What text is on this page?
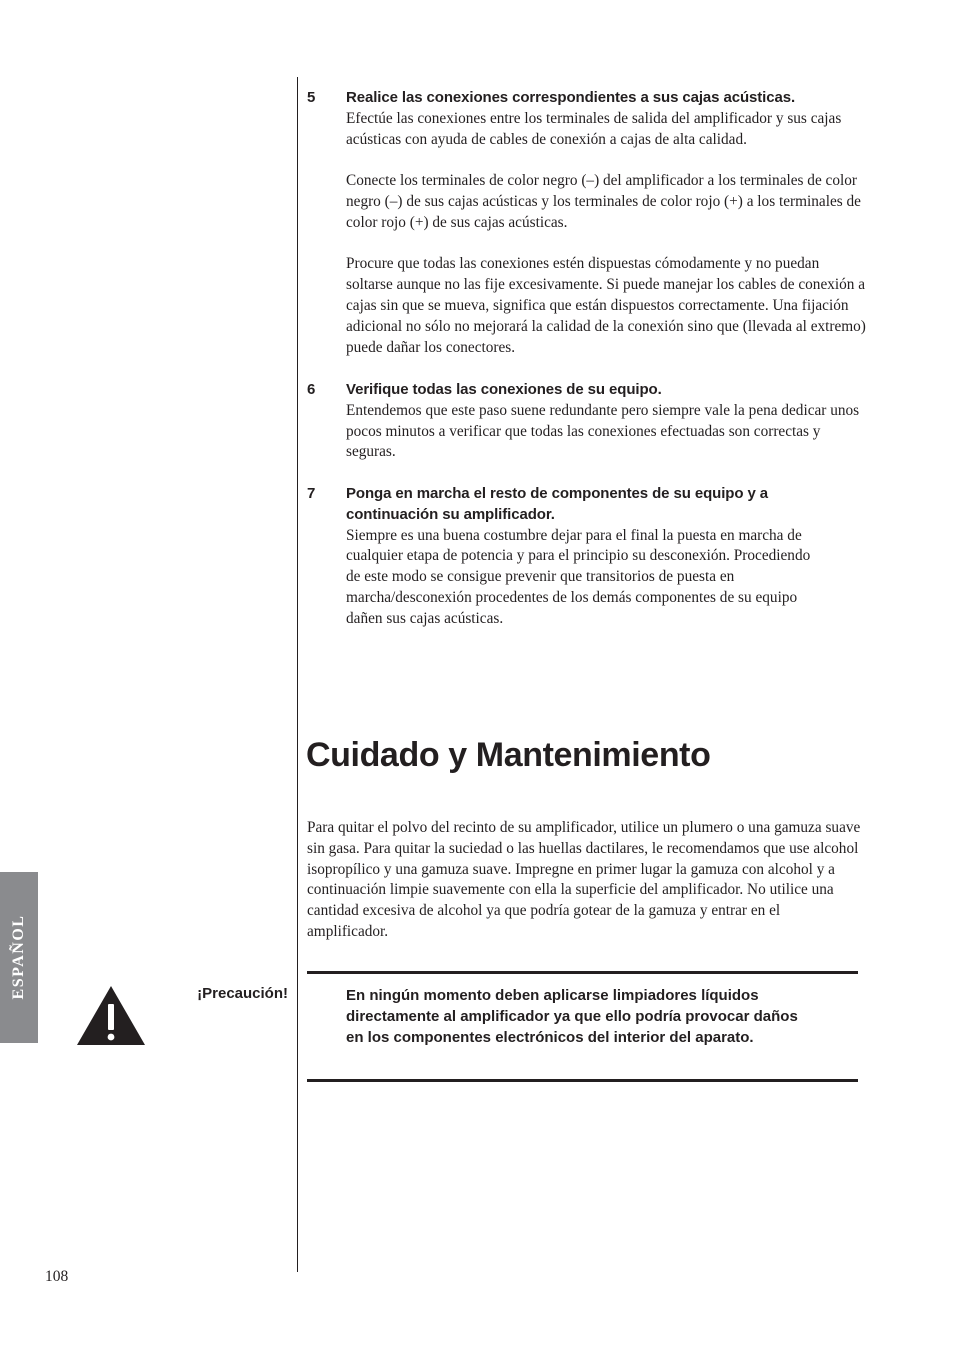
5 Realice las conexiones correspondientes a sus cajas acústicas.

Efectúe las conexiones entre los terminales de salida del amplificador y sus cajas acústicas con ayuda de cables de conexión a cajas de alta calidad.

Conecte los terminales de color negro (–) del amplificador a los terminales de color negro (–) de sus cajas acústicas y los terminales de color rojo (+) a los terminales de color rojo (+) de sus cajas acústicas.

Procure que todas las conexiones estén dispuestas cómodamente y no puedan soltarse aunque no las fije excesivamente. Si puede manejar los cables de conexión a cajas sin que se mueva, significa que están dispuestos correctamente. Una fijación adicional no sólo no mejorará la calidad de la conexión sino que (llevada al extremo) puede dañar los conectores.

6 Verifique todas las conexiones de su equipo.

Entendemos que este paso suene redundante pero siempre vale la pena dedicar unos pocos minutos a verificar que todas las conexiones efectuadas son correctas y seguras.

7 Ponga en marcha el resto de componentes de su equipo y a continuación su amplificador.

Siempre es una buena costumbre dejar para el final la puesta en marcha de cualquier etapa de potencia y para el principio su desconexión. Procediendo de este modo se consigue prevenir que transitorios de puesta en marcha/desconexión procedentes de los demás componentes de su equipo dañen sus cajas acústicas.

Cuidado y Mantenimiento

Para quitar el polvo del recinto de su amplificador, utilice un plumero o una gamuza suave sin gasa. Para quitar la suciedad o las huellas dactilares, le recomendamos que use alcohol isopropílico y una gamuza suave. Impregne en primer lugar la gamuza con alcohol y a continuación limpie suavemente con ella la superficie del amplificador. No utilice una cantidad excesiva de alcohol ya que podría gotear de la gamuza y entrar en el amplificador.

¡Precaución!	En ningún momento deben aplicarse limpiadores líquidos directamente al amplificador ya que ello podría provocar daños en los componentes electrónicos del interior del aparato.

ESPAÑOL
108
